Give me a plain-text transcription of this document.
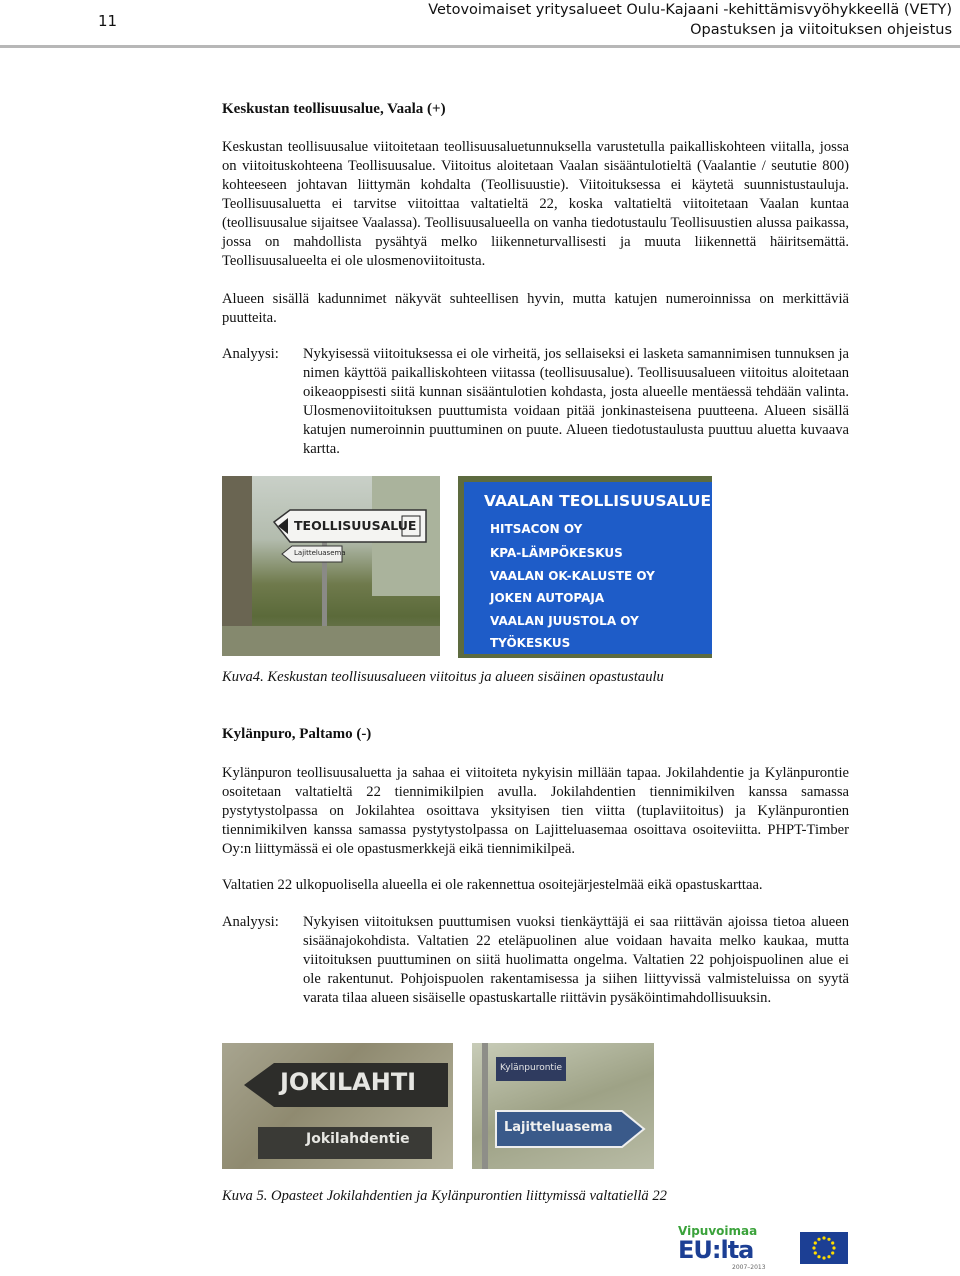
11
Vetovoimaiset yritysalueet Oulu-Kajaani -kehittämisvyöhykkeellä (VETY)
Opastuksen ja viitoituksen ohjeistus
Keskustan teollisuusalue, Vaala (+)
Keskustan teollisuusalue viitoitetaan teollisuusaluetunnuksella varustetulla paikalliskohteen viitalla, jossa on viitoituskohteena Teollisuusalue. Viitoitus aloitetaan Vaalan sisääntulotieltä (Vaalantie / seututie 800) kohteeseen johtavan liittymän kohdalta (Teollisuustie). Viitoituksessa ei käytetä suunnistustauluja. Teollisuusaluetta ei tarvitse viitoittaa valtatieltä 22, koska valtatieltä viitoitetaan Vaalan kuntaa (teollisuusalue sijaitsee Vaalassa). Teollisuusalueella on vanha tiedotustaulu Teollisuustien alussa paikassa, jossa on mahdollista pysähtyä melko liikenneturvallisesti ja muuta liikennettä häiritsemättä. Teollisuusalueelta ei ole ulosmenoviitoitusta.
Alueen sisällä kadunnimet näkyvät suhteellisen hyvin, mutta katujen numeroinnissa on merkittäviä puutteita.
Analyysi: Nykyisessä viitoituksessa ei ole virheitä, jos sellaiseksi ei lasketa samannimisen tunnuksen ja nimen käyttöä paikalliskohteen viitassa (teollisuusalue). Teollisuusalueen viitoitus aloitetaan oikeaoppisesti siitä kunnan sisääntulotien kohdasta, josta alueelle mentäessä tehdään valinta. Ulosmenoviitoituksen puuttumista voidaan pitää jonkinasteisena puutteena. Alueen sisällä katujen numeroinnin puuttuminen on puute. Alueen tiedotustaulusta puuttuu aluetta kuvaava kartta.
TEOLLISUUSALUE
Lajitteluasema
VAALAN TEOLLISUUSALUE
HITSACON OY
KPA-LÄMPÖKESKUS
VAALAN OK-KALUSTE OY
JOKEN AUTOPAJA
VAALAN JUUSTOLA OY
TYÖKESKUS
Kuva4. Keskustan teollisuusalueen viitoitus ja alueen sisäinen opastustaulu
Kylänpuro, Paltamo (-)
Kylänpuron teollisuusaluetta ja sahaa ei viitoiteta nykyisin millään tapaa. Jokilahdentie ja Kylänpurontie osoitetaan valtatieltä 22 tiennimikilpien avulla. Jokilahdentien tiennimikilven kanssa samassa pystytystolpassa on Jokilahtea osoittava yksityisen tien viitta (tuplaviitoitus) ja Kylänpurontien tiennimikilven kanssa samassa pystytystolpassa on Lajitteluasemaa osoittava osoiteviitta. PHPT-Timber Oy:n liittymässä ei ole opastusmerkkejä eikä tiennimikilpeä.
Valtatien 22 ulkopuolisella alueella ei ole rakennettua osoitejärjestelmää eikä opastuskarttaa.
Analyysi: Nykyisen viitoituksen puuttumisen vuoksi tienkäyttäjä ei saa riittävän ajoissa tietoa alueen sisäänajokohdista. Valtatien 22 eteläpuolinen alue voidaan havaita melko kaukaa, mutta viitoituksen puuttuminen on siitä huolimatta ongelma. Valtatien 22 pohjoispuolinen alue ei ole rakentunut. Pohjoispuolen rakentamisessa ja siihen liittyvissä valmisteluissa on syytä varata tilaa alueen sisäiselle opastuskartalle riittävin pysäköintimahdollisuuksin.
JOKILAHTI
Jokilahdentie
Kylänpurontie
Lajitteluasema
Kuva 5. Opasteet Jokilahdentien ja Kylänpurontien liittymissä valtatiellä 22
Vipuvoimaa
EU:lta
2007–2013
